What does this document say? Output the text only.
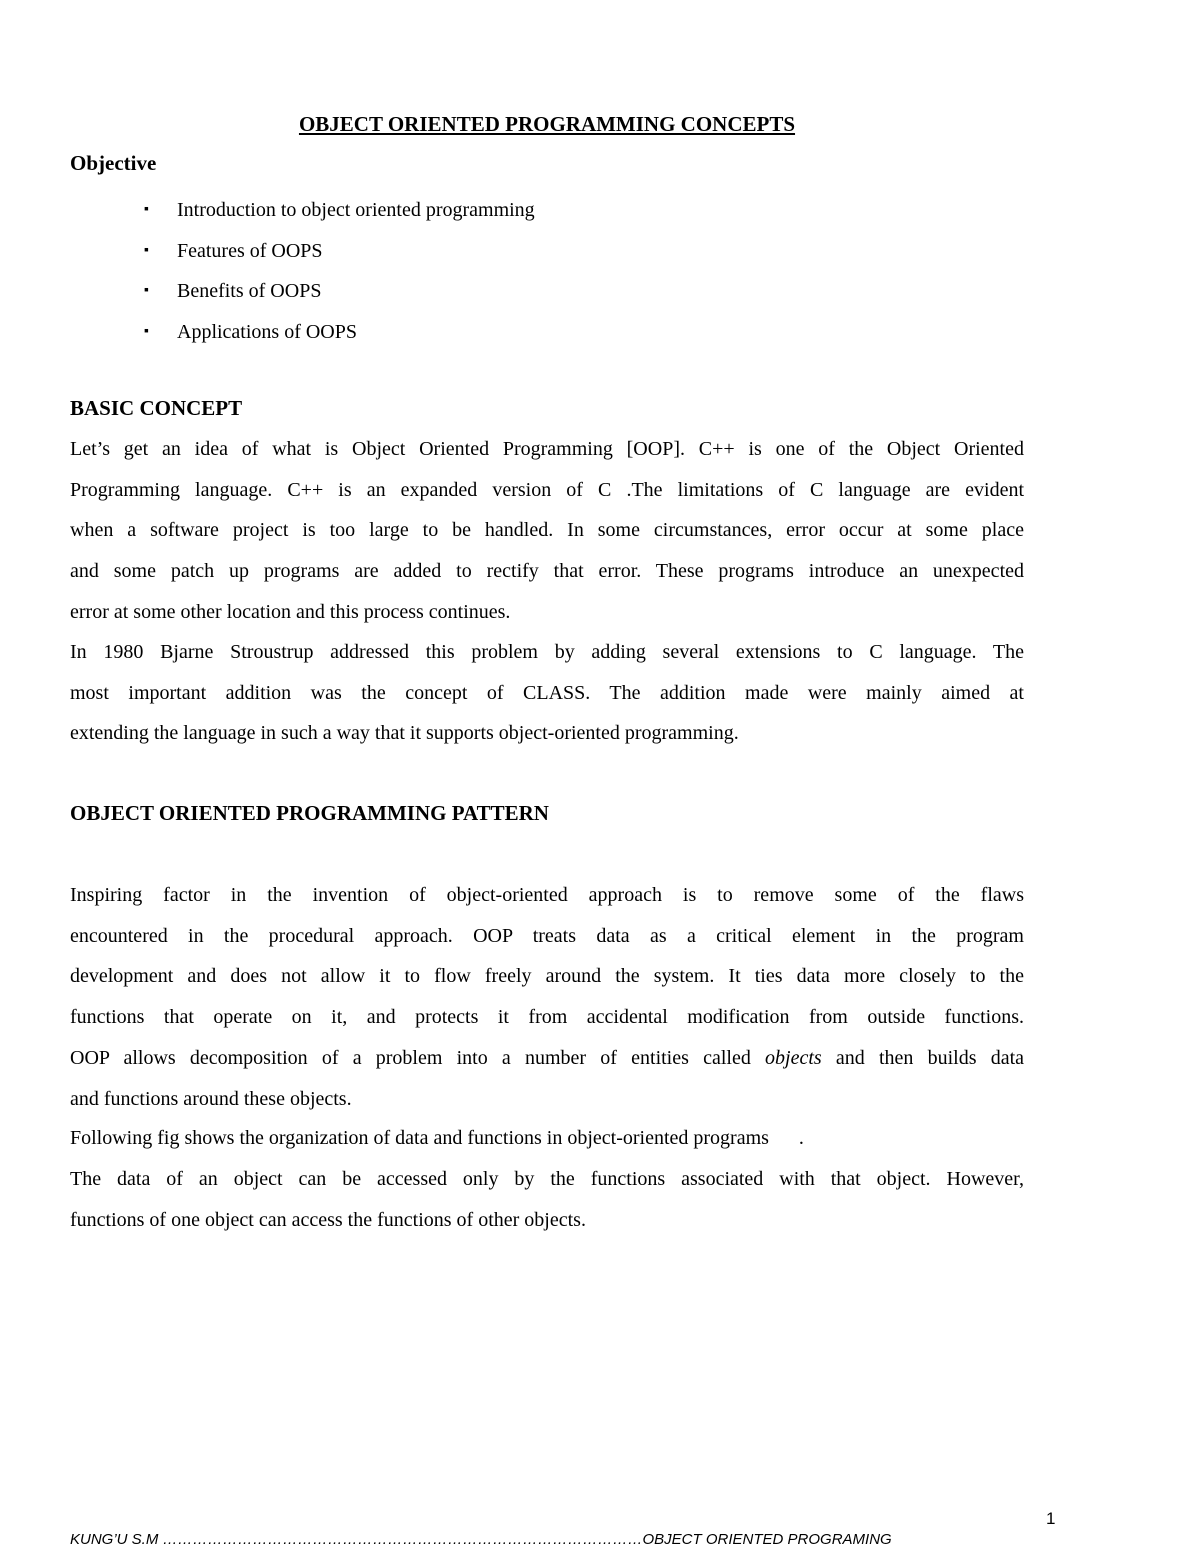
OBJECT ORIENTED PROGRAMMING CONCEPTS
Objective
▪ Introduction to object oriented programming
▪ Features of OOPS
▪ Benefits of OOPS
▪ Applications of OOPS
BASIC CONCEPT
Let’s get an idea of what is Object Oriented Programming [OOP]. C++ is one of the Object Oriented
Programming language. C++ is an expanded version of C .The limitations of C language are evident
when a software project is too large to be handled. In some circumstances, error occur at some place
and some patch up programs are added to rectify that error. These programs introduce an unexpected
error at some other location and this process continues.
In 1980 Bjarne Stroustrup addressed this problem by adding several extensions to C language. The
most important addition was the concept of CLASS. The addition made were mainly aimed at
extending the language in such a way that it supports object-oriented programming.
OBJECT ORIENTED PROGRAMMING PATTERN
Inspiring factor in the invention of object-oriented approach is to remove some of the flaws
encountered in the procedural approach. OOP treats data as a critical element in the program
development and does not allow it to flow freely around the system. It ties data more closely to the
functions that operate on it, and protects it from accidental modification from outside functions.
OOP allows decomposition of a problem into a number of entities called objects and then builds data
and functions around these objects.
Following fig shows the organization of data and functions in object-oriented programs      .
The data of an object can be accessed only by the functions associated with that object. However,
functions of one object can access the functions of other objects.
1
KUNG’U S.M ……………………………………………………………………………………OBJECT ORIENTED PROGRAMING
